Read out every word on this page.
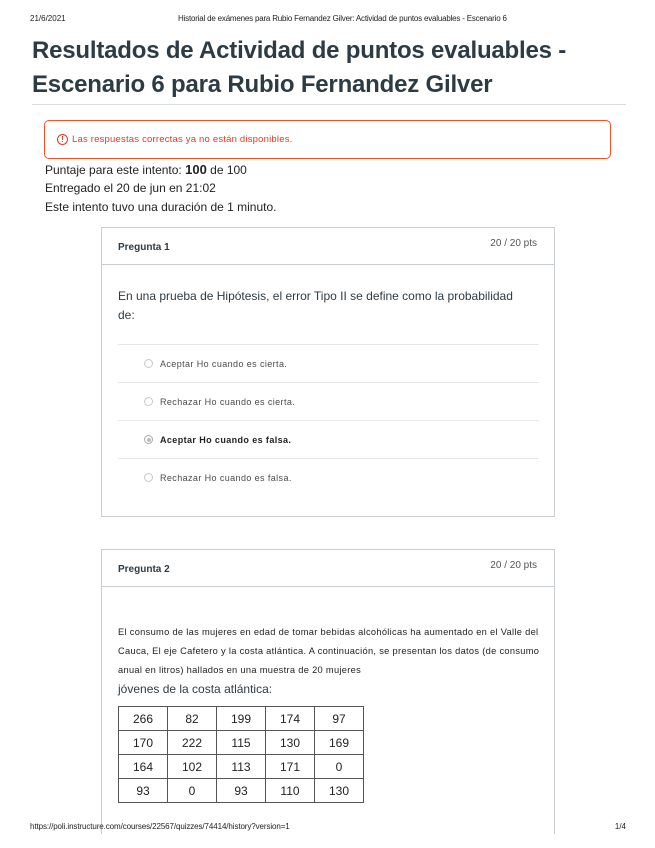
21/6/2021	Historial de exámenes para Rubio Fernandez Gilver: Actividad de puntos evaluables - Escenario 6
Resultados de Actividad de puntos evaluables -
Escenario 6 para Rubio Fernandez Gilver
! Las respuestas correctas ya no están disponibles.
Puntaje para este intento: 100 de 100
Entregado el 20 de jun en 21:02
Este intento tuvo una duración de 1 minuto.
Pregunta 1	20 / 20 pts
En una prueba de Hipótesis, el error Tipo II se define como la probabilidad de:
Aceptar Ho cuando es cierta.
Rechazar Ho cuando es cierta.
Aceptar Ho cuando es falsa.
Rechazar Ho cuando es falsa.
Pregunta 2	20 / 20 pts
El consumo de las mujeres en edad de tomar bebidas alcohólicas ha aumentado en el Valle del Cauca, El eje Cafetero y la costa atlántica. A continuación, se presentan los datos (de consumo anual en litros) hallados en una muestra de 20 mujeres
jóvenes de la costa atlántica:
266	82	199	174	97
170	222	115	130	169
164	102	113	171	0
93	0	93	110	130
https://poli.instructure.com/courses/22567/quizzes/74414/history?version=1	1/4
